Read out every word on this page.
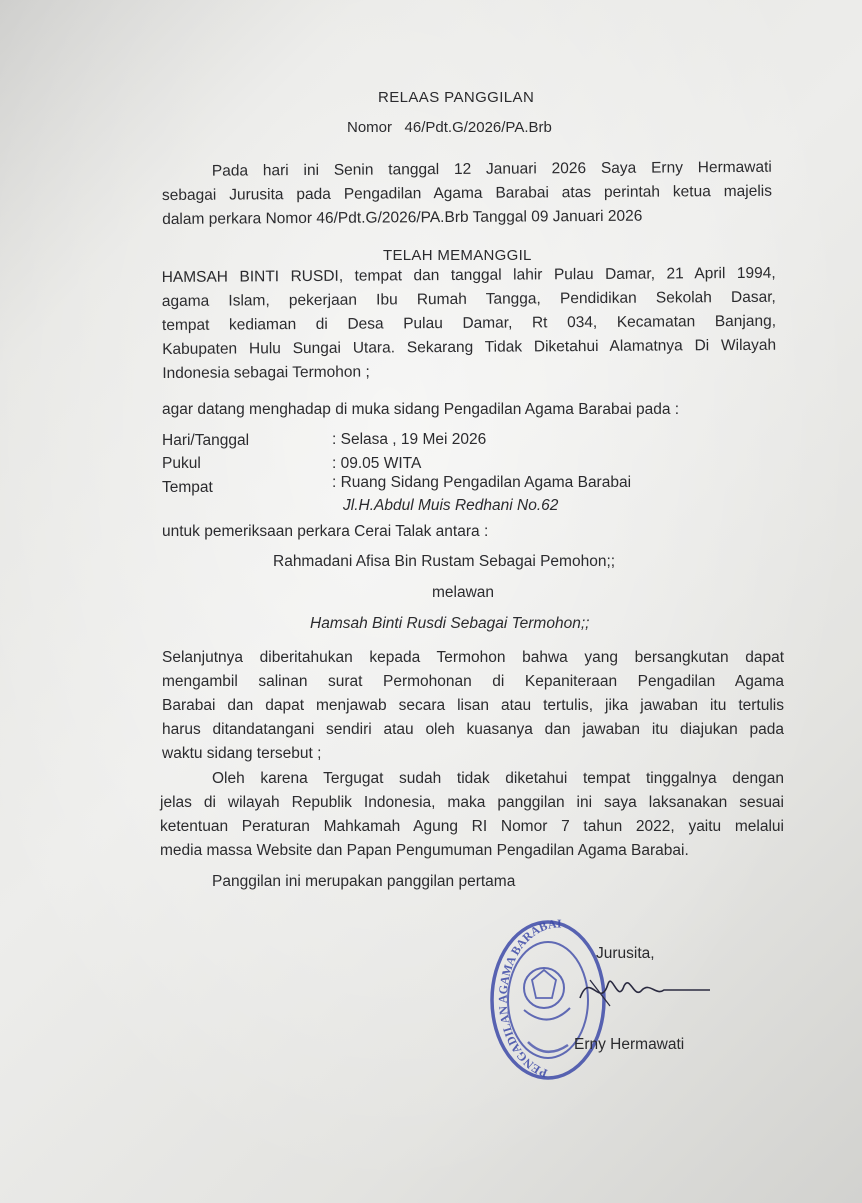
RELAAS PANGGILAN
Nomor 46/Pdt.G/2026/PA.Brb
Pada hari ini Senin tanggal 12 Januari 2026 Saya Erny Hermawati
sebagai Jurusita pada Pengadilan Agama Barabai atas perintah ketua majelis
dalam perkara Nomor 46/Pdt.G/2026/PA.Brb Tanggal 09 Januari 2026
TELAH MEMANGGIL
HAMSAH BINTI RUSDI, tempat dan tanggal lahir Pulau Damar, 21 April 1994,
agama Islam, pekerjaan Ibu Rumah Tangga, Pendidikan Sekolah Dasar,
tempat kediaman di Desa Pulau Damar, Rt 034, Kecamatan Banjang,
Kabupaten Hulu Sungai Utara. Sekarang Tidak Diketahui Alamatnya Di Wilayah
Indonesia sebagai Termohon ;
agar datang menghadap di muka sidang Pengadilan Agama Barabai pada :
Hari/Tanggal	: Selasa , 19 Mei 2026
Pukul	: 09.05 WITA
Tempat	: Ruang Sidang Pengadilan Agama Barabai
Jl.H.Abdul Muis Redhani No.62
untuk pemeriksaan perkara Cerai Talak antara :
Rahmadani Afisa Bin Rustam Sebagai Pemohon;;
melawan
Hamsah Binti Rusdi Sebagai Termohon;;
Selanjutnya diberitahukan kepada Termohon bahwa yang bersangkutan dapat
mengambil salinan surat Permohonan di Kepaniteraan Pengadilan Agama
Barabai dan dapat menjawab secara lisan atau tertulis, jika jawaban itu tertulis
harus ditandatangani sendiri atau oleh kuasanya dan jawaban itu diajukan pada
waktu sidang tersebut ;
Oleh karena Tergugat sudah tidak diketahui tempat tinggalnya dengan
jelas di wilayah Republik Indonesia, maka panggilan ini saya laksanakan sesuai
ketentuan Peraturan Mahkamah Agung RI Nomor 7 tahun 2022, yaitu melalui
media massa Website dan Papan Pengumuman Pengadilan Agama Barabai.
Panggilan ini merupakan panggilan pertama
PENGADILAN AGAMA BARABAI
Jurusita,
Erny Hermawati
